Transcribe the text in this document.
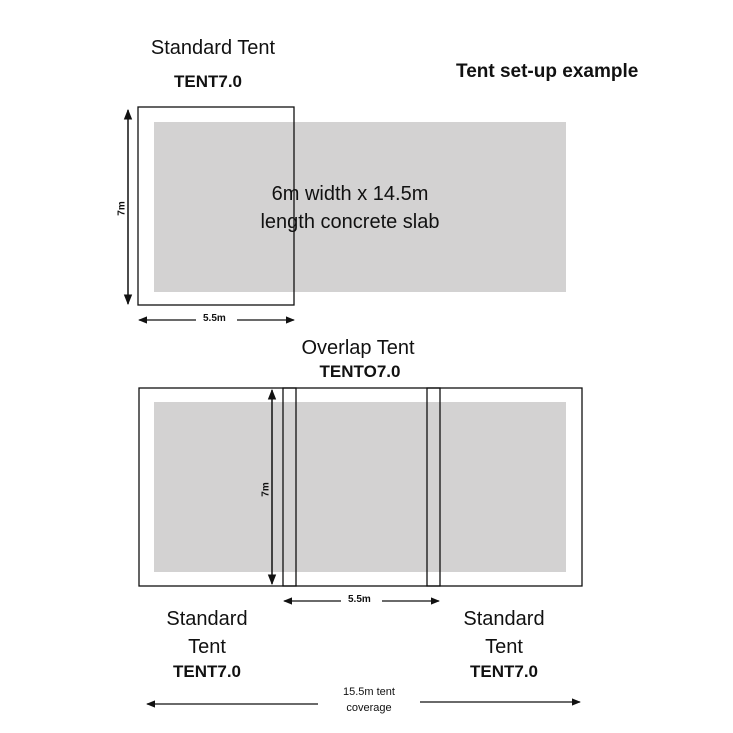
Tent set-up example
Standard Tent
TENT7.0
6m width x 14.5m
length concrete slab
7m
5.5m
Overlap Tent
TENTO7.0
7m
5.5m
Standard
Tent
TENT7.0
Standard
Tent
TENT7.0
15.5m tent
coverage
